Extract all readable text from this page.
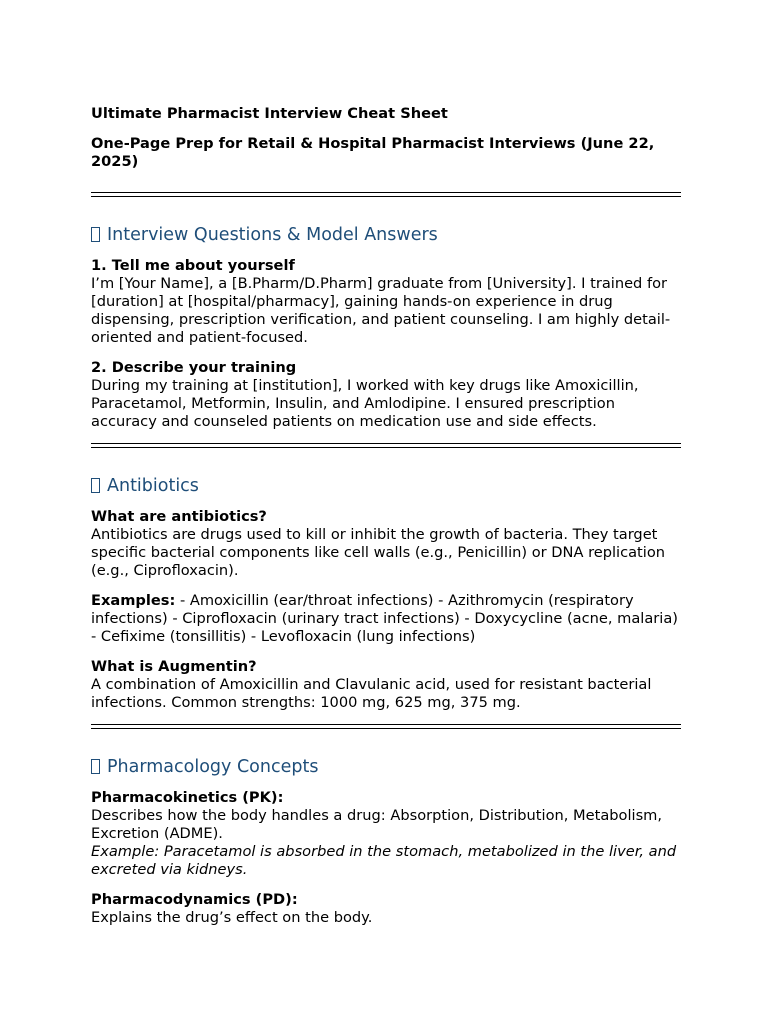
Ultimate Pharmacist Interview Cheat Sheet

One-Page Prep for Retail & Hospital Pharmacist Interviews (June 22, 2025)

Interview Questions & Model Answers

1. Tell me about yourself

I’m [Your Name], a [B.Pharm/D.Pharm] graduate from [University]. I trained for [duration] at [hospital/pharmacy], gaining hands-on experience in drug dispensing, prescription verification, and patient counseling. I am highly detail-oriented and patient-focused.

2. Describe your training

During my training at [institution], I worked with key drugs like Amoxicillin, Paracetamol, Metformin, Insulin, and Amlodipine. I ensured prescription accuracy and counseled patients on medication use and side effects.

Antibiotics

What are antibiotics?

Antibiotics are drugs used to kill or inhibit the growth of bacteria. They target specific bacterial components like cell walls (e.g., Penicillin) or DNA replication (e.g., Ciprofloxacin).

Examples: - Amoxicillin (ear/throat infections) - Azithromycin (respiratory infections) - Ciprofloxacin (urinary tract infections) - Doxycycline (acne, malaria) - Cefixime (tonsillitis) - Levofloxacin (lung infections)

What is Augmentin?

A combination of Amoxicillin and Clavulanic acid, used for resistant bacterial infections. Common strengths: 1000 mg, 625 mg, 375 mg.

Pharmacology Concepts

Pharmacokinetics (PK):

Describes how the body handles a drug: Absorption, Distribution, Metabolism, Excretion (ADME).

Example: Paracetamol is absorbed in the stomach, metabolized in the liver, and excreted via kidneys.

Pharmacodynamics (PD):

Explains the drug’s effect on the body.
